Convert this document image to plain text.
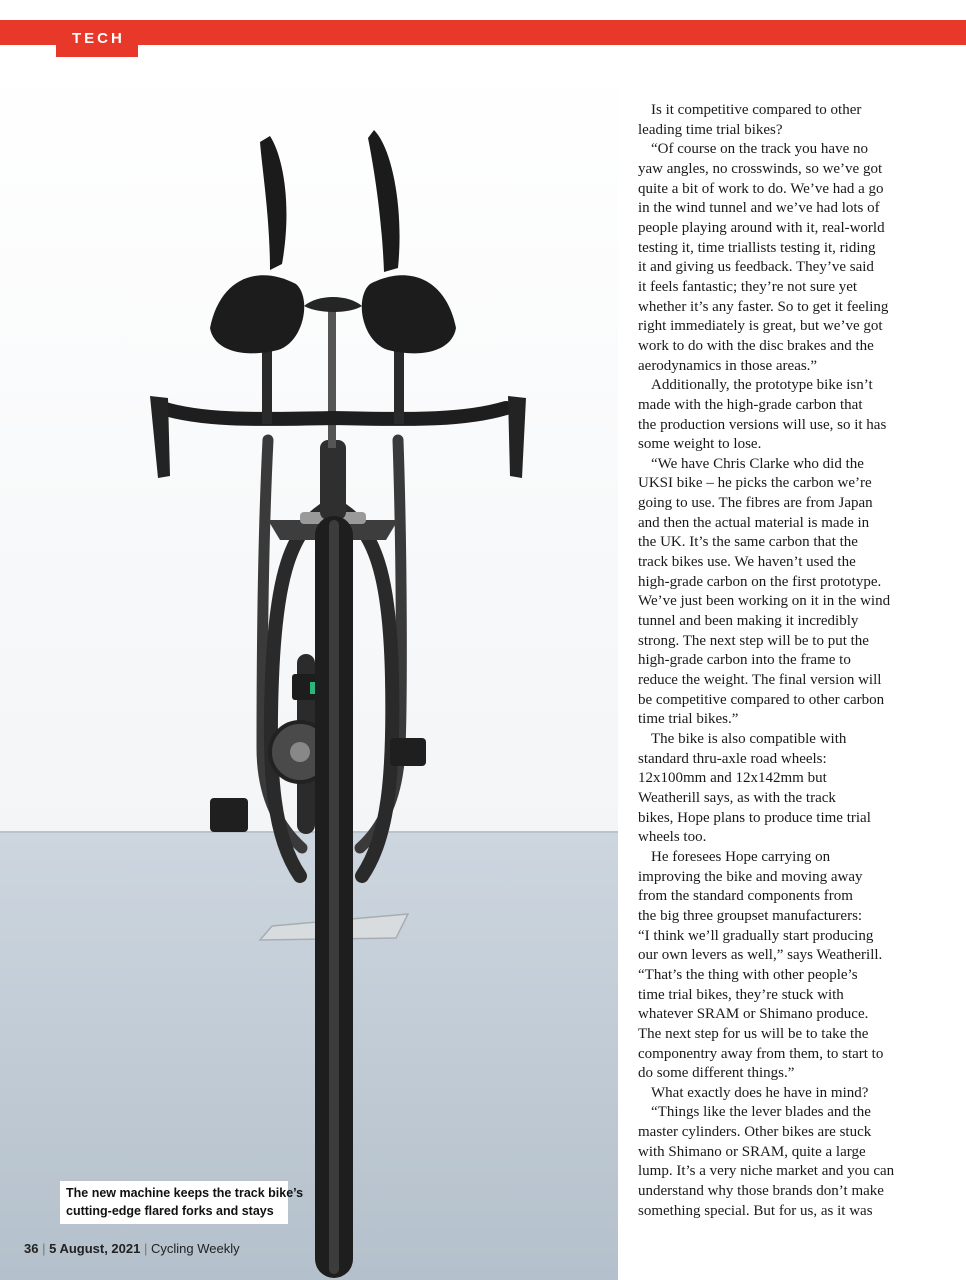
TECH
The new machine keeps the track bike’s
cutting-edge flared forks and stays
36 | 5 August, 2021 | Cycling Weekly
Is it competitive compared to other
leading time trial bikes?
“Of course on the track you have no
yaw angles, no crosswinds, so we’ve got
quite a bit of work to do. We’ve had a go
in the wind tunnel and we’ve had lots of
people playing around with it, real-world
testing it, time triallists testing it, riding
it and giving us feedback. They’ve said
it feels fantastic; they’re not sure yet
whether it’s any faster. So to get it feeling
right immediately is great, but we’ve got
work to do with the disc brakes and the
aerodynamics in those areas.”
Additionally, the prototype bike isn’t
made with the high-grade carbon that
the production versions will use, so it has
some weight to lose.
“We have Chris Clarke who did the
UKSI bike – he picks the carbon we’re
going to use. The fibres are from Japan
and then the actual material is made in
the UK. It’s the same carbon that the
track bikes use. We haven’t used the
high-grade carbon on the first prototype.
We’ve just been working on it in the wind
tunnel and been making it incredibly
strong. The next step will be to put the
high-grade carbon into the frame to
reduce the weight. The final version will
be competitive compared to other carbon
time trial bikes.”
The bike is also compatible with
standard thru-axle road wheels:
12x100mm and 12x142mm but
Weatherill says, as with the track
bikes, Hope plans to produce time trial
wheels too.
He foresees Hope carrying on
improving the bike and moving away
from the standard components from
the big three groupset manufacturers:
“I think we’ll gradually start producing
our own levers as well,” says Weatherill.
“That’s the thing with other people’s
time trial bikes, they’re stuck with
whatever SRAM or Shimano produce.
The next step for us will be to take the
componentry away from them, to start to
do some different things.”
What exactly does he have in mind?
“Things like the lever blades and the
master cylinders. Other bikes are stuck
with Shimano or SRAM, quite a large
lump. It’s a very niche market and you can
understand why those brands don’t make
something special. But for us, as it was
